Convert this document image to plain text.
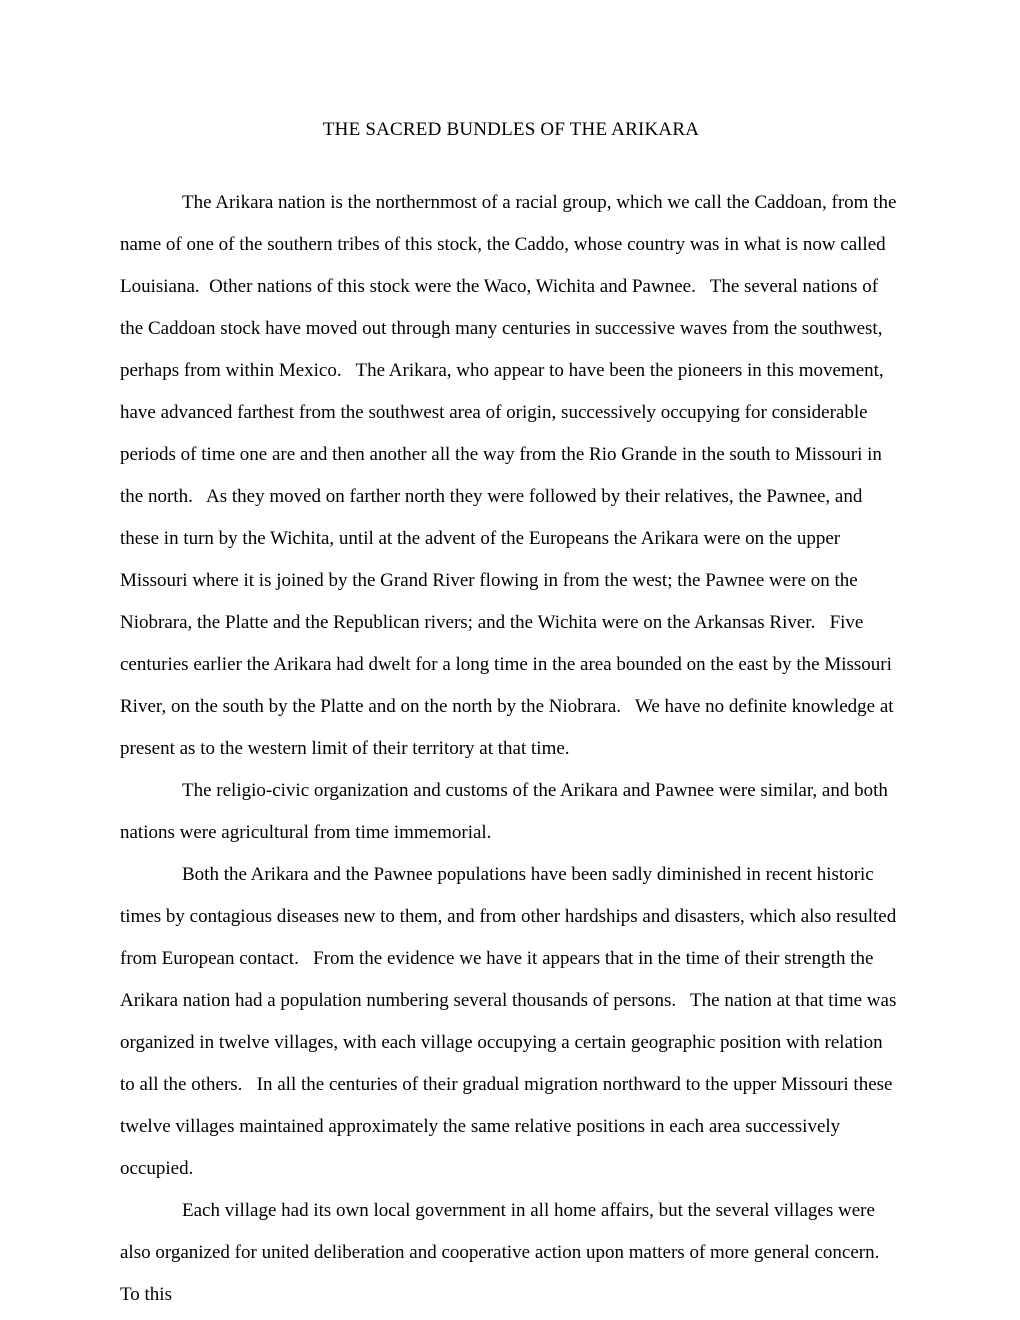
THE SACRED BUNDLES OF THE ARIKARA

The Arikara nation is the northernmost of a racial group, which we call the Caddoan, from the name of one of the southern tribes of this stock, the Caddo, whose country was in what is now called Louisiana.  Other nations of this stock were the Waco, Wichita and Pawnee.   The several nations of the Caddoan stock have moved out through many centuries in successive waves from the southwest, perhaps from within Mexico.   The Arikara, who appear to have been the pioneers in this movement, have advanced farthest from the southwest area of origin, successively occupying for considerable periods of time one are and then another all the way from the Rio Grande in the south to Missouri in the north.   As they moved on farther north they were followed by their relatives, the Pawnee, and these in turn by the Wichita, until at the advent of the Europeans the Arikara were on the upper Missouri where it is joined by the Grand River flowing in from the west; the Pawnee were on the Niobrara, the Platte and the Republican rivers; and the Wichita were on the Arkansas River.   Five centuries earlier the Arikara had dwelt for a long time in the area bounded on the east by the Missouri River, on the south by the Platte and on the north by the Niobrara.   We have no definite knowledge at present as to the western limit of their territory at that time.

The religio-civic organization and customs of the Arikara and Pawnee were similar, and both nations were agricultural from time immemorial.

Both the Arikara and the Pawnee populations have been sadly diminished in recent historic times by contagious diseases new to them, and from other hardships and disasters, which also resulted from European contact.   From the evidence we have it appears that in the time of their strength the Arikara nation had a population numbering several thousands of persons.   The nation at that time was organized in twelve villages, with each village occupying a certain geographic position with relation to all the others.   In all the centuries of their gradual migration northward to the upper Missouri these twelve villages maintained approximately the same relative positions in each area successively occupied.

Each village had its own local government in all home affairs, but the several villages were also organized for united deliberation and cooperative action upon matters of more general concern.   To this
